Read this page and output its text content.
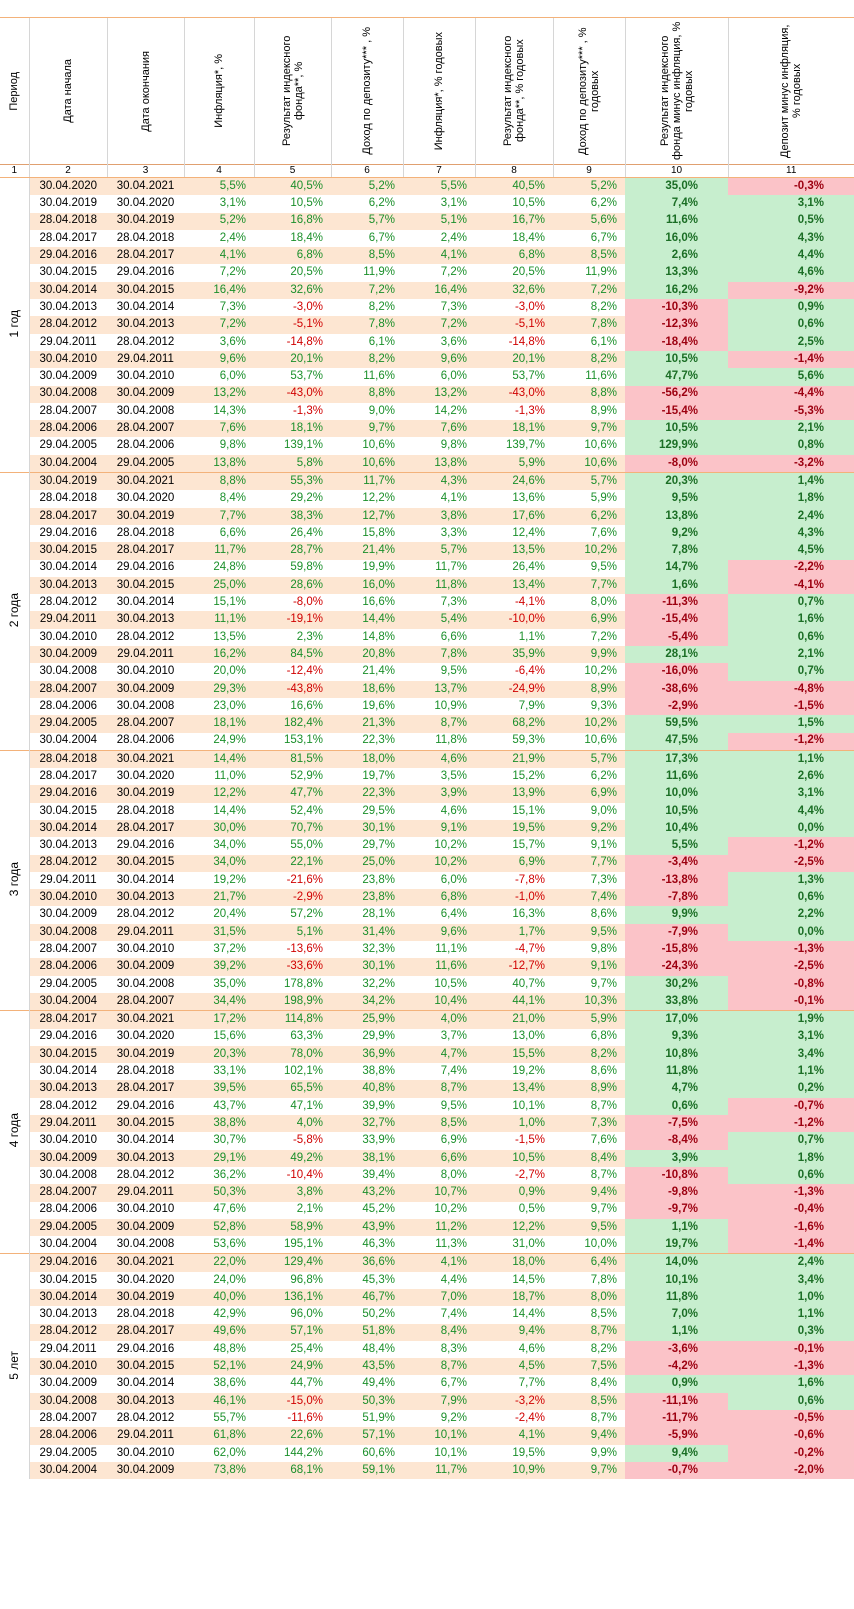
Период	Дата начала	Дата окончания	Инфляция*, %	Результат индексного фонда**, %	Доход по депозиту*** , %	Инфляция*, % годовых	Результат индексного фонда**, % годовых	Доход по депозиту*** , % годовых	Результат индексного фонда минус инфляция, % годовых	Депозит минус инфляция, % годовых

1	2	3	4	5	6	7	8	9	10	11
1 год	30.04.2020	30.04.2021	5,5%	40,5%	5,2%	5,5%	40,5%	5,2%	35,0%	-0,3%
	30.04.2019	30.04.2020	3,1%	10,5%	6,2%	3,1%	10,5%	6,2%	7,4%	3,1%
	28.04.2018	30.04.2019	5,2%	16,8%	5,7%	5,1%	16,7%	5,6%	11,6%	0,5%
	28.04.2017	28.04.2018	2,4%	18,4%	6,7%	2,4%	18,4%	6,7%	16,0%	4,3%
	29.04.2016	28.04.2017	4,1%	6,8%	8,5%	4,1%	6,8%	8,5%	2,6%	4,4%
	30.04.2015	29.04.2016	7,2%	20,5%	11,9%	7,2%	20,5%	11,9%	13,3%	4,6%
	30.04.2014	30.04.2015	16,4%	32,6%	7,2%	16,4%	32,6%	7,2%	16,2%	-9,2%
	30.04.2013	30.04.2014	7,3%	-3,0%	8,2%	7,3%	-3,0%	8,2%	-10,3%	0,9%
	28.04.2012	30.04.2013	7,2%	-5,1%	7,8%	7,2%	-5,1%	7,8%	-12,3%	0,6%
	29.04.2011	28.04.2012	3,6%	-14,8%	6,1%	3,6%	-14,8%	6,1%	-18,4%	2,5%
	30.04.2010	29.04.2011	9,6%	20,1%	8,2%	9,6%	20,1%	8,2%	10,5%	-1,4%
	30.04.2009	30.04.2010	6,0%	53,7%	11,6%	6,0%	53,7%	11,6%	47,7%	5,6%
	30.04.2008	30.04.2009	13,2%	-43,0%	8,8%	13,2%	-43,0%	8,8%	-56,2%	-4,4%
	28.04.2007	30.04.2008	14,3%	-1,3%	9,0%	14,2%	-1,3%	8,9%	-15,4%	-5,3%
	28.04.2006	28.04.2007	7,6%	18,1%	9,7%	7,6%	18,1%	9,7%	10,5%	2,1%
	29.04.2005	28.04.2006	9,8%	139,1%	10,6%	9,8%	139,7%	10,6%	129,9%	0,8%
	30.04.2004	29.04.2005	13,8%	5,8%	10,6%	13,8%	5,9%	10,6%	-8,0%	-3,2%
2 года	30.04.2019	30.04.2021	8,8%	55,3%	11,7%	4,3%	24,6%	5,7%	20,3%	1,4%
	28.04.2018	30.04.2020	8,4%	29,2%	12,2%	4,1%	13,6%	5,9%	9,5%	1,8%
	28.04.2017	30.04.2019	7,7%	38,3%	12,7%	3,8%	17,6%	6,2%	13,8%	2,4%
	29.04.2016	28.04.2018	6,6%	26,4%	15,8%	3,3%	12,4%	7,6%	9,2%	4,3%
	30.04.2015	28.04.2017	11,7%	28,7%	21,4%	5,7%	13,5%	10,2%	7,8%	4,5%
	30.04.2014	29.04.2016	24,8%	59,8%	19,9%	11,7%	26,4%	9,5%	14,7%	-2,2%
	30.04.2013	30.04.2015	25,0%	28,6%	16,0%	11,8%	13,4%	7,7%	1,6%	-4,1%
	28.04.2012	30.04.2014	15,1%	-8,0%	16,6%	7,3%	-4,1%	8,0%	-11,3%	0,7%
	29.04.2011	30.04.2013	11,1%	-19,1%	14,4%	5,4%	-10,0%	6,9%	-15,4%	1,6%
	30.04.2010	28.04.2012	13,5%	2,3%	14,8%	6,6%	1,1%	7,2%	-5,4%	0,6%
	30.04.2009	29.04.2011	16,2%	84,5%	20,8%	7,8%	35,9%	9,9%	28,1%	2,1%
	30.04.2008	30.04.2010	20,0%	-12,4%	21,4%	9,5%	-6,4%	10,2%	-16,0%	0,7%
	28.04.2007	30.04.2009	29,3%	-43,8%	18,6%	13,7%	-24,9%	8,9%	-38,6%	-4,8%
	28.04.2006	30.04.2008	23,0%	16,6%	19,6%	10,9%	7,9%	9,3%	-2,9%	-1,5%
	29.04.2005	28.04.2007	18,1%	182,4%	21,3%	8,7%	68,2%	10,2%	59,5%	1,5%
	30.04.2004	28.04.2006	24,9%	153,1%	22,3%	11,8%	59,3%	10,6%	47,5%	-1,2%
3 года	28.04.2018	30.04.2021	14,4%	81,5%	18,0%	4,6%	21,9%	5,7%	17,3%	1,1%
	28.04.2017	30.04.2020	11,0%	52,9%	19,7%	3,5%	15,2%	6,2%	11,6%	2,6%
	29.04.2016	30.04.2019	12,2%	47,7%	22,3%	3,9%	13,9%	6,9%	10,0%	3,1%
	30.04.2015	28.04.2018	14,4%	52,4%	29,5%	4,6%	15,1%	9,0%	10,5%	4,4%
	30.04.2014	28.04.2017	30,0%	70,7%	30,1%	9,1%	19,5%	9,2%	10,4%	0,0%
	30.04.2013	29.04.2016	34,0%	55,0%	29,7%	10,2%	15,7%	9,1%	5,5%	-1,2%
	28.04.2012	30.04.2015	34,0%	22,1%	25,0%	10,2%	6,9%	7,7%	-3,4%	-2,5%
	29.04.2011	30.04.2014	19,2%	-21,6%	23,8%	6,0%	-7,8%	7,3%	-13,8%	1,3%
	30.04.2010	30.04.2013	21,7%	-2,9%	23,8%	6,8%	-1,0%	7,4%	-7,8%	0,6%
	30.04.2009	28.04.2012	20,4%	57,2%	28,1%	6,4%	16,3%	8,6%	9,9%	2,2%
	30.04.2008	29.04.2011	31,5%	5,1%	31,4%	9,6%	1,7%	9,5%	-7,9%	0,0%
	28.04.2007	30.04.2010	37,2%	-13,6%	32,3%	11,1%	-4,7%	9,8%	-15,8%	-1,3%
	28.04.2006	30.04.2009	39,2%	-33,6%	30,1%	11,6%	-12,7%	9,1%	-24,3%	-2,5%
	29.04.2005	30.04.2008	35,0%	178,8%	32,2%	10,5%	40,7%	9,7%	30,2%	-0,8%
	30.04.2004	28.04.2007	34,4%	198,9%	34,2%	10,4%	44,1%	10,3%	33,8%	-0,1%
4 года	28.04.2017	30.04.2021	17,2%	114,8%	25,9%	4,0%	21,0%	5,9%	17,0%	1,9%
	29.04.2016	30.04.2020	15,6%	63,3%	29,9%	3,7%	13,0%	6,8%	9,3%	3,1%
	30.04.2015	30.04.2019	20,3%	78,0%	36,9%	4,7%	15,5%	8,2%	10,8%	3,4%
	30.04.2014	28.04.2018	33,1%	102,1%	38,8%	7,4%	19,2%	8,6%	11,8%	1,1%
	30.04.2013	28.04.2017	39,5%	65,5%	40,8%	8,7%	13,4%	8,9%	4,7%	0,2%
	28.04.2012	29.04.2016	43,7%	47,1%	39,9%	9,5%	10,1%	8,7%	0,6%	-0,7%
	29.04.2011	30.04.2015	38,8%	4,0%	32,7%	8,5%	1,0%	7,3%	-7,5%	-1,2%
	30.04.2010	30.04.2014	30,7%	-5,8%	33,9%	6,9%	-1,5%	7,6%	-8,4%	0,7%
	30.04.2009	30.04.2013	29,1%	49,2%	38,1%	6,6%	10,5%	8,4%	3,9%	1,8%
	30.04.2008	28.04.2012	36,2%	-10,4%	39,4%	8,0%	-2,7%	8,7%	-10,8%	0,6%
	28.04.2007	29.04.2011	50,3%	3,8%	43,2%	10,7%	0,9%	9,4%	-9,8%	-1,3%
	28.04.2006	30.04.2010	47,6%	2,1%	45,2%	10,2%	0,5%	9,7%	-9,7%	-0,4%
	29.04.2005	30.04.2009	52,8%	58,9%	43,9%	11,2%	12,2%	9,5%	1,1%	-1,6%
	30.04.2004	30.04.2008	53,6%	195,1%	46,3%	11,3%	31,0%	10,0%	19,7%	-1,4%
5 лет	29.04.2016	30.04.2021	22,0%	129,4%	36,6%	4,1%	18,0%	6,4%	14,0%	2,4%
	30.04.2015	30.04.2020	24,0%	96,8%	45,3%	4,4%	14,5%	7,8%	10,1%	3,4%
	30.04.2014	30.04.2019	40,0%	136,1%	46,7%	7,0%	18,7%	8,0%	11,8%	1,0%
	30.04.2013	28.04.2018	42,9%	96,0%	50,2%	7,4%	14,4%	8,5%	7,0%	1,1%
	28.04.2012	28.04.2017	49,6%	57,1%	51,8%	8,4%	9,4%	8,7%	1,1%	0,3%
	29.04.2011	29.04.2016	48,8%	25,4%	48,4%	8,3%	4,6%	8,2%	-3,6%	-0,1%
	30.04.2010	30.04.2015	52,1%	24,9%	43,5%	8,7%	4,5%	7,5%	-4,2%	-1,3%
	30.04.2009	30.04.2014	38,6%	44,7%	49,4%	6,7%	7,7%	8,4%	0,9%	1,6%
	30.04.2008	30.04.2013	46,1%	-15,0%	50,3%	7,9%	-3,2%	8,5%	-11,1%	0,6%
	28.04.2007	28.04.2012	55,7%	-11,6%	51,9%	9,2%	-2,4%	8,7%	-11,7%	-0,5%
	28.04.2006	29.04.2011	61,8%	22,6%	57,1%	10,1%	4,1%	9,4%	-5,9%	-0,6%
	29.04.2005	30.04.2010	62,0%	144,2%	60,6%	10,1%	19,5%	9,9%	9,4%	-0,2%
	30.04.2004	30.04.2009	73,8%	68,1%	59,1%	11,7%	10,9%	9,7%	-0,7%	-2,0%
